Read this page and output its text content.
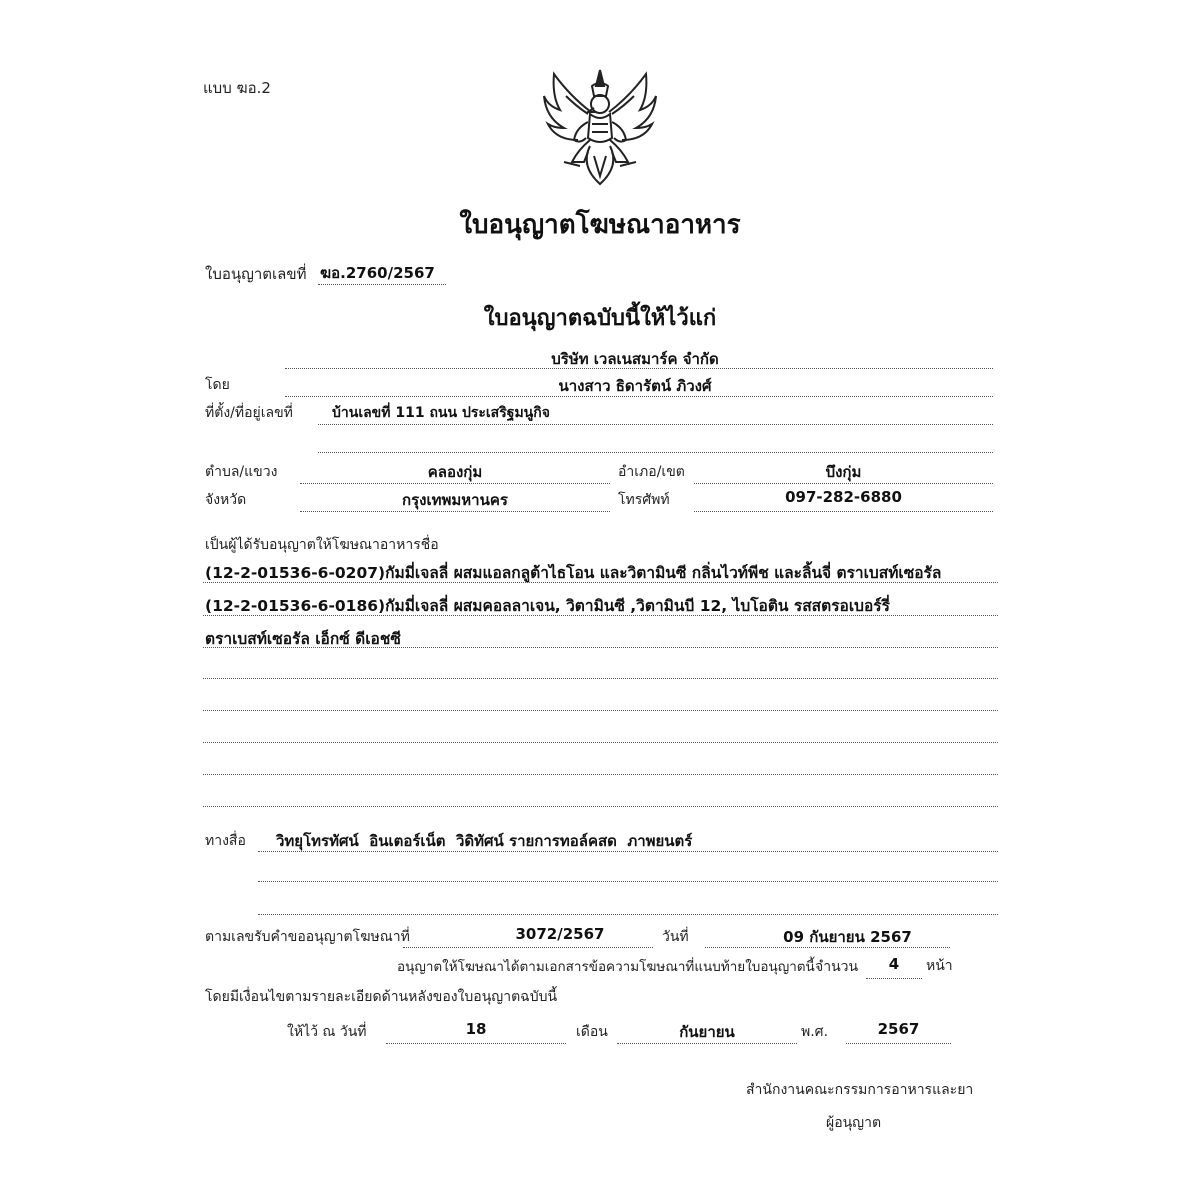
แบบ ฆอ.2
ใบอนุญาตโฆษณาอาหาร
ใบอนุญาตเลขที่ ฆอ.2760/2567
ใบอนุญาตฉบับนี้ให้ไว้แก่
บริษัท เวลเนสมาร์ค จำกัด
โดย	นางสาว ธิดารัตน์ ภิวงศ์
ที่ตั้ง/ที่อยู่เลขที่	บ้านเลขที่ 111 ถนน ประเสริฐมนูกิจ
ตำบล/แขวง	คลองกุ่ม	อำเภอ/เขต	บึงกุ่ม
จังหวัด	กรุงเทพมหานคร	โทรศัพท์	097-282-6880
เป็นผู้ได้รับอนุญาตให้โฆษณาอาหารชื่อ
(12-2-01536-6-0207)กัมมี่เจลลี่ ผสมแอลกลูต้าไธโอน และวิตามินซี กลิ่นไวท์พีช และลิ้นจี่ ตราเบสท์เซอรัล
(12-2-01536-6-0186)กัมมี่เจลลี่ ผสมคอลลาเจน, วิตามินซี ,วิตามินบี 12, ไบโอติน รสสตรอเบอร์รี่
ตราเบสท์เซอรัล เอ็กซ์ ดีเอชซี
ทางสื่อ วิทยุโทรทัศน์  อินเตอร์เน็ต  วิดิทัศน์ รายการทอล์คสด  ภาพยนตร์
ตามเลขรับคำขออนุญาตโฆษณาที่	3072/2567	วันที่	09 กันยายน 2567
อนุญาตให้โฆษณาได้ตามเอกสารข้อความโฆษณาที่แนบท้ายใบอนุญาตนี้ จำนวน	4	หน้า
โดยมีเงื่อนไขตามรายละเอียดด้านหลังของใบอนุญาตฉบับนี้
ให้ไว้ ณ วันที่	18	เดือน	กันยายน	พ.ศ.	2567
สำนักงานคณะกรรมการอาหารและยา
ผู้อนุญาต
